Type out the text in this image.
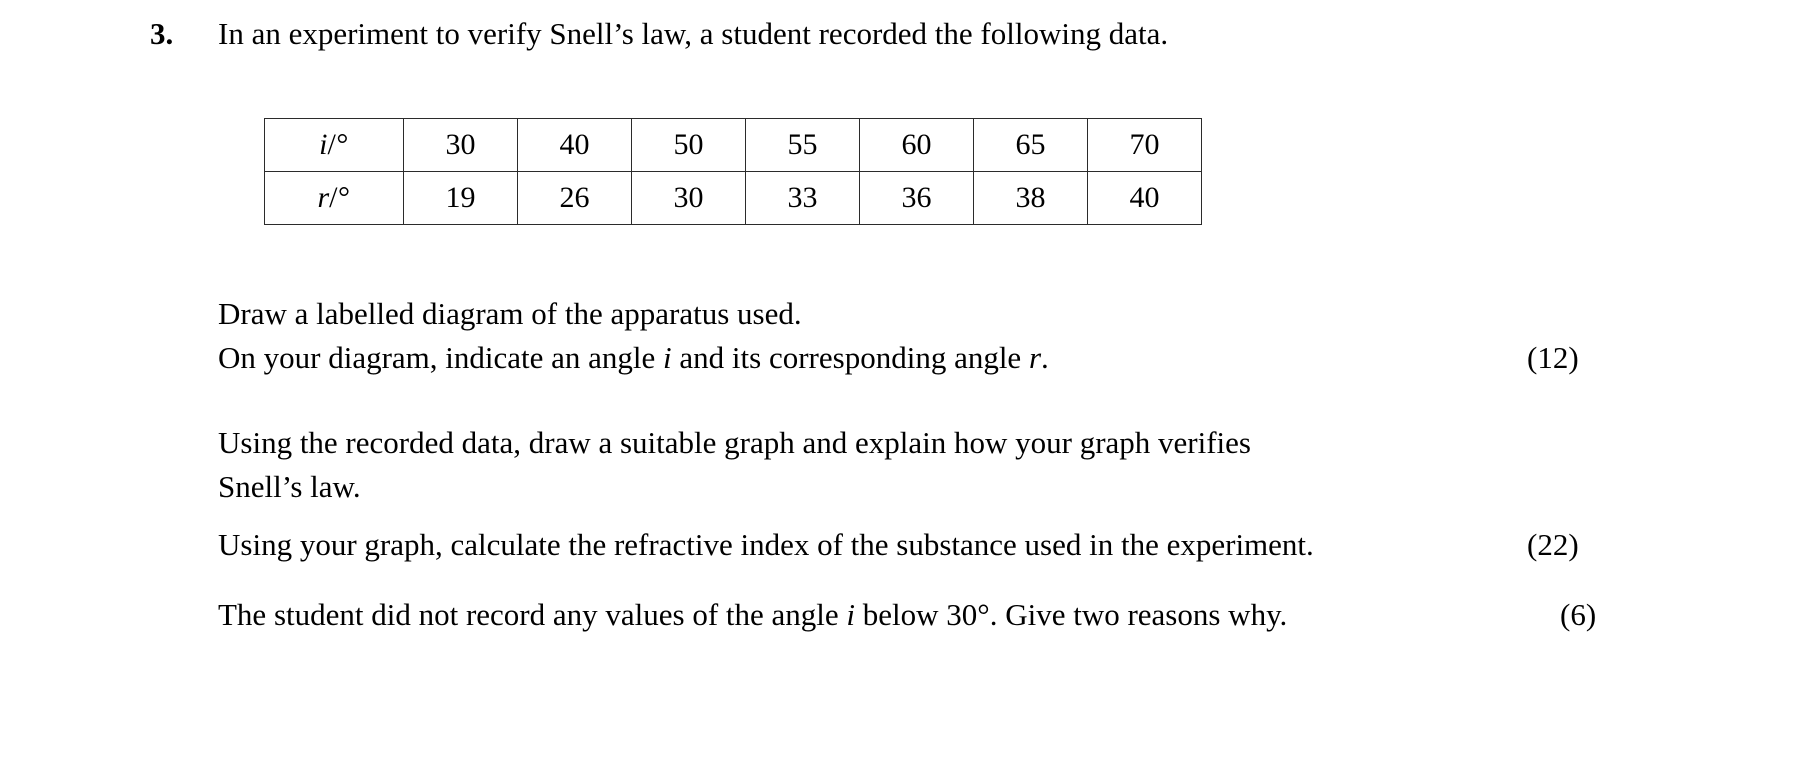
3.	In an experiment to verify Snell’s law, a student recorded the following data.
i/°	30	40	50	55	60	65	70
r/°	19	26	30	33	36	38	40
Draw a labelled diagram of the apparatus used.
On your diagram, indicate an angle i and its corresponding angle r.	(12)
Using the recorded data, draw a suitable graph and explain how your graph verifies
Snell’s law.
Using your graph, calculate the refractive index of the substance used in the experiment.	(22)
The student did not record any values of the angle i below 30°. Give two reasons why.	(6)
